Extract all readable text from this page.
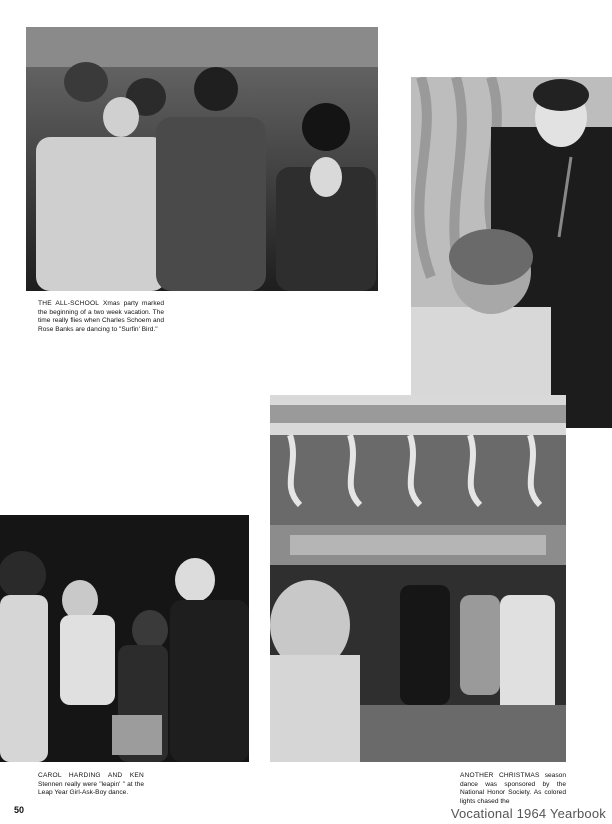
THE ALL-SCHOOL Xmas party marked the beginning of a two week vacation. The time really flies when Charles Schoem and Rose Banks are dancing to "Surfin' Bird."
CAROL HARDING AND KEN Stennen really were "leapin' " at the Leap Year Girl-Ask-Boy dance.
ANOTHER CHRISTMAS season dance was sponsored by the National Honor Society. As colored lights chased the
50	Vocational 1964 Yearbook
